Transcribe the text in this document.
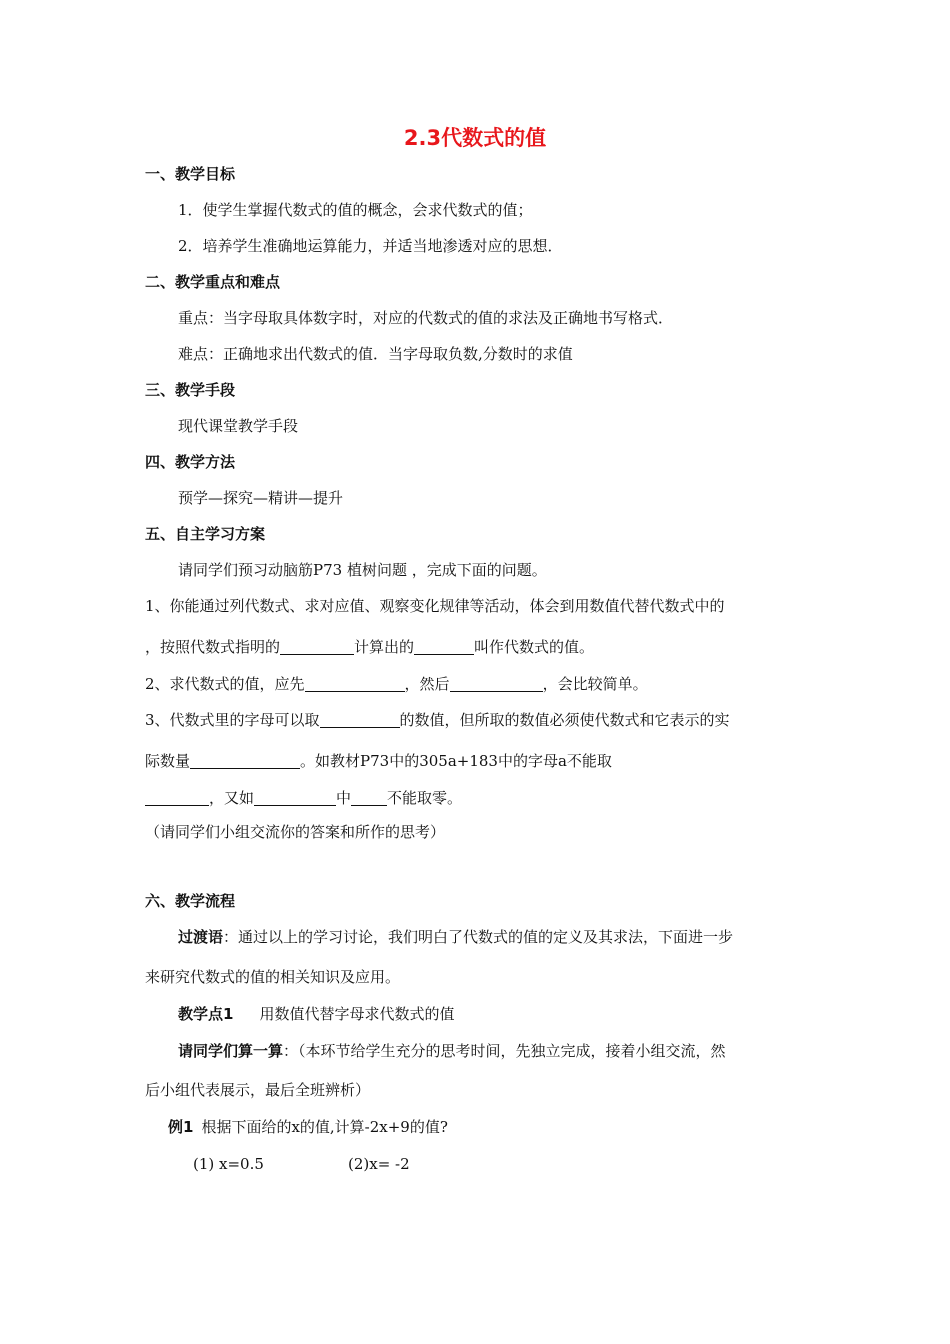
2.3代数式的值
一、教学目标
1．使学生掌握代数式的值的概念，会求代数式的值；
2．培养学生准确地运算能力，并适当地渗透对应的思想．
二、教学重点和难点
重点：当字母取具体数字时，对应的代数式的值的求法及正确地书写格式．
难点：正确地求出代数式的值．当字母取负数,分数时的求值
三、教学手段
现代课堂教学手段
四、教学方法
预学—探究—精讲—提升
五、自主学习方案
请同学们预习动脑筋P73 植树问题 ，完成下面的问题。
1、你能通过列代数式、求对应值、观察变化规律等活动，体会到用数值代替代数式中的
，按照代数式指明的	计算出的	叫作代数式的值。
2、求代数式的值，应先	，然后	，会比较简单。
3、代数式里的字母可以取	的数值，但所取的数值必须使代数式和它表示的实
际数量	。如教材P73中的305a+183中的字母a不能取
，又如	中 不能取零。
（请同学们小组交流你的答案和所作的思考）
六、教学流程
过渡语：通过以上的学习讨论，我们明白了代数式的值的定义及其求法，下面进一步
来研究代数式的值的相关知识及应用。
教学点1 用数值代替字母求代数式的值
请同学们算一算：（本环节给学生充分的思考时间，先独立完成，接着小组交流，然
后小组代表展示，最后全班辨析）
例1 根据下面给的x的值,计算-2x+9的值?
(1) x=0.5	(2)x= -2
